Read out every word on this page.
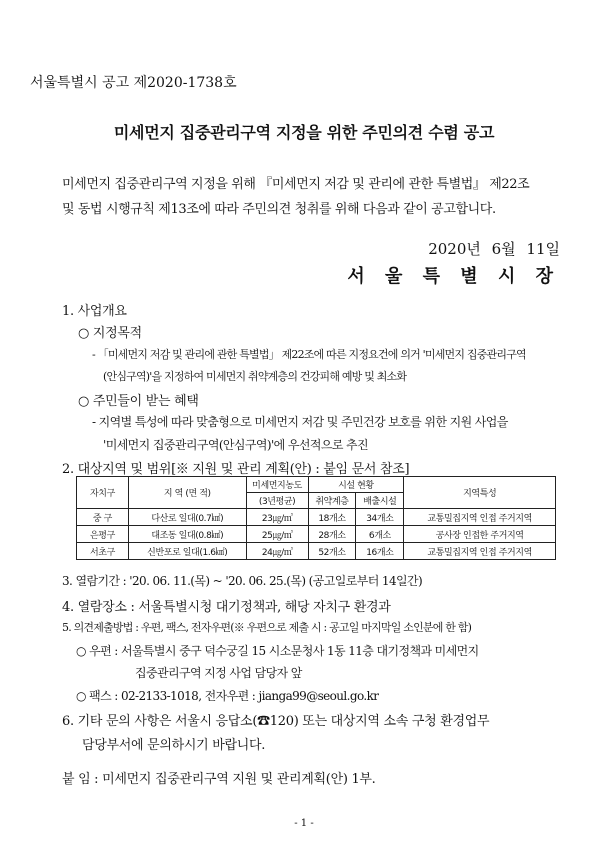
서울특별시 공고 제2020-1738호
미세먼지 집중관리구역 지정을 위한 주민의견 수렴 공고
미세먼지 집중관리구역 지정을 위해 『미세먼지 저감 및 관리에 관한 특별법』 제22조
및 동법 시행규칙 제13조에 따라 주민의견 청취를 위해 다음과 같이 공고합니다.
2020년 6월 11일
서 울 특 별 시 장
1. 사업개요
○ 지정목적
- 「미세먼지 저감 및 관리에 관한 특별법」 제22조에 따른 지정요건에 의거 '미세먼지 집중관리구역
(안심구역)'을 지정하여 미세먼지 취약계층의 건강피해 예방 및 최소화
○ 주민들이 받는 혜택
- 지역별 특성에 따라 맞춤형으로 미세먼지 저감 및 주민건강 보호를 위한 지원 사업을
'미세먼지 집중관리구역(안심구역)'에 우선적으로 추진
2. 대상지역 및 범위[※ 지원 및 관리 계획(안) : 붙임 문서 참조]
자치구	지 역 (면 적)	미세먼지농도	시설 현황		지역특성
		(3년평균)	취약계층	배출시설	
중 구	다산로 일대(0.7㎢)	23㎍/㎥	18개소	34개소	교통밀집지역 인접 주거지역
은평구	대조동 일대(0.8㎢)	25㎍/㎥	28개소	6개소	공사장 인접한 주거지역
서초구	신반포로 일대(1.6㎢)	24㎍/㎥	52개소	16개소	교통밀집지역 인접 주거지역
3. 열람기간 : '20. 06. 11.(목) ~ '20. 06. 25.(목) (공고일로부터 14일간)
4. 열람장소 : 서울특별시청 대기정책과, 해당 자치구 환경과
5. 의견제출방법 : 우편, 팩스, 전자우편(※ 우편으로 제출 시 : 공고일 마지막일 소인분에 한 함)
○ 우편 : 서울특별시 중구 덕수궁길 15 시소문청사 1동 11층 대기정책과 미세먼지
집중관리구역 지정 사업 담당자 앞
○ 팩스 : 02-2133-1018, 전자우편 : jianga99@seoul.go.kr
6. 기타 문의 사항은 서울시 응답소(☎120) 또는 대상지역 소속 구청 환경업무
담당부서에 문의하시기 바랍니다.
붙 임 : 미세먼지 집중관리구역 지원 및 관리계획(안) 1부.
- 1 -
